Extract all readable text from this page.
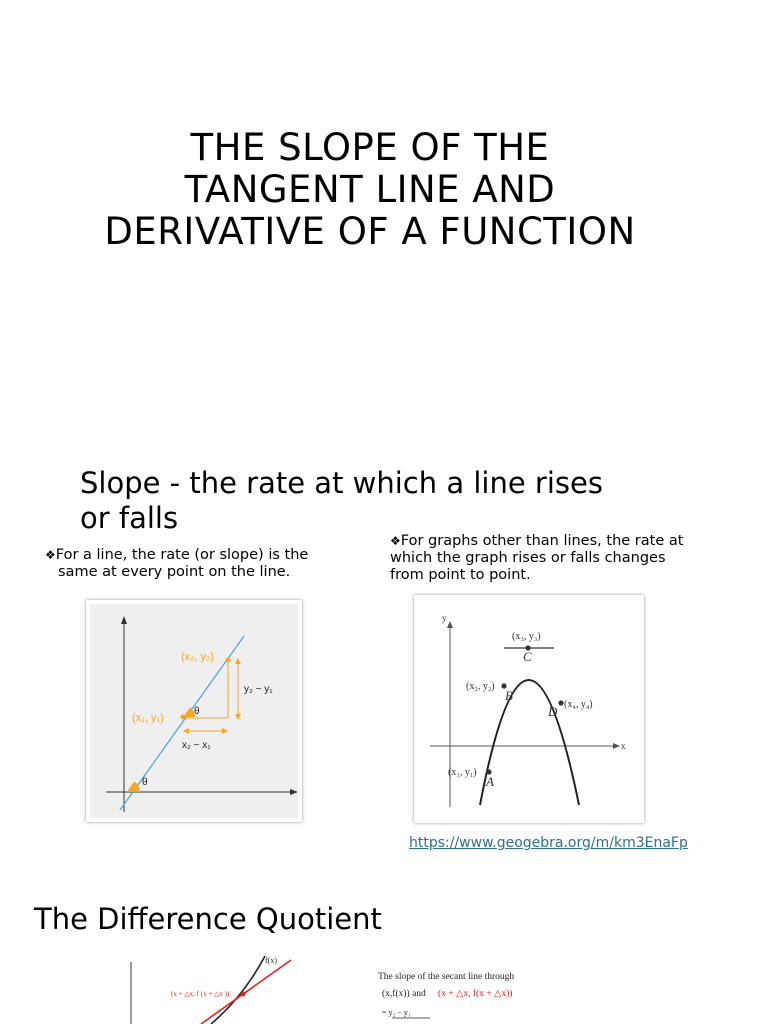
THE SLOPE OF THE
TANGENT LINE AND
DERIVATIVE OF A FUNCTION
Slope - the rate at which a line rises
or falls
❖For a line, the rate (or slope) is the same at every point on the line.
❖For graphs other than lines, the rate at which the graph rises or falls changes from point to point.
(x₂, y₂)
(x₁, y₁)
y₂ − y₁
x₂ − x₁
θ
θ
y
x
(x₃, y₃)
(x₂, y₂)
(x₄, y₄)
(x₁, y₁)
A
B
C
D
https://www.geogebra.org/m/km3EnaFp
The Difference Quotient
f(x)
(x + △x, f (x + △x ))
The slope of the secant line through
(x,f(x)) and (x + △x, f(x + △x))
= y₂ − y₁
